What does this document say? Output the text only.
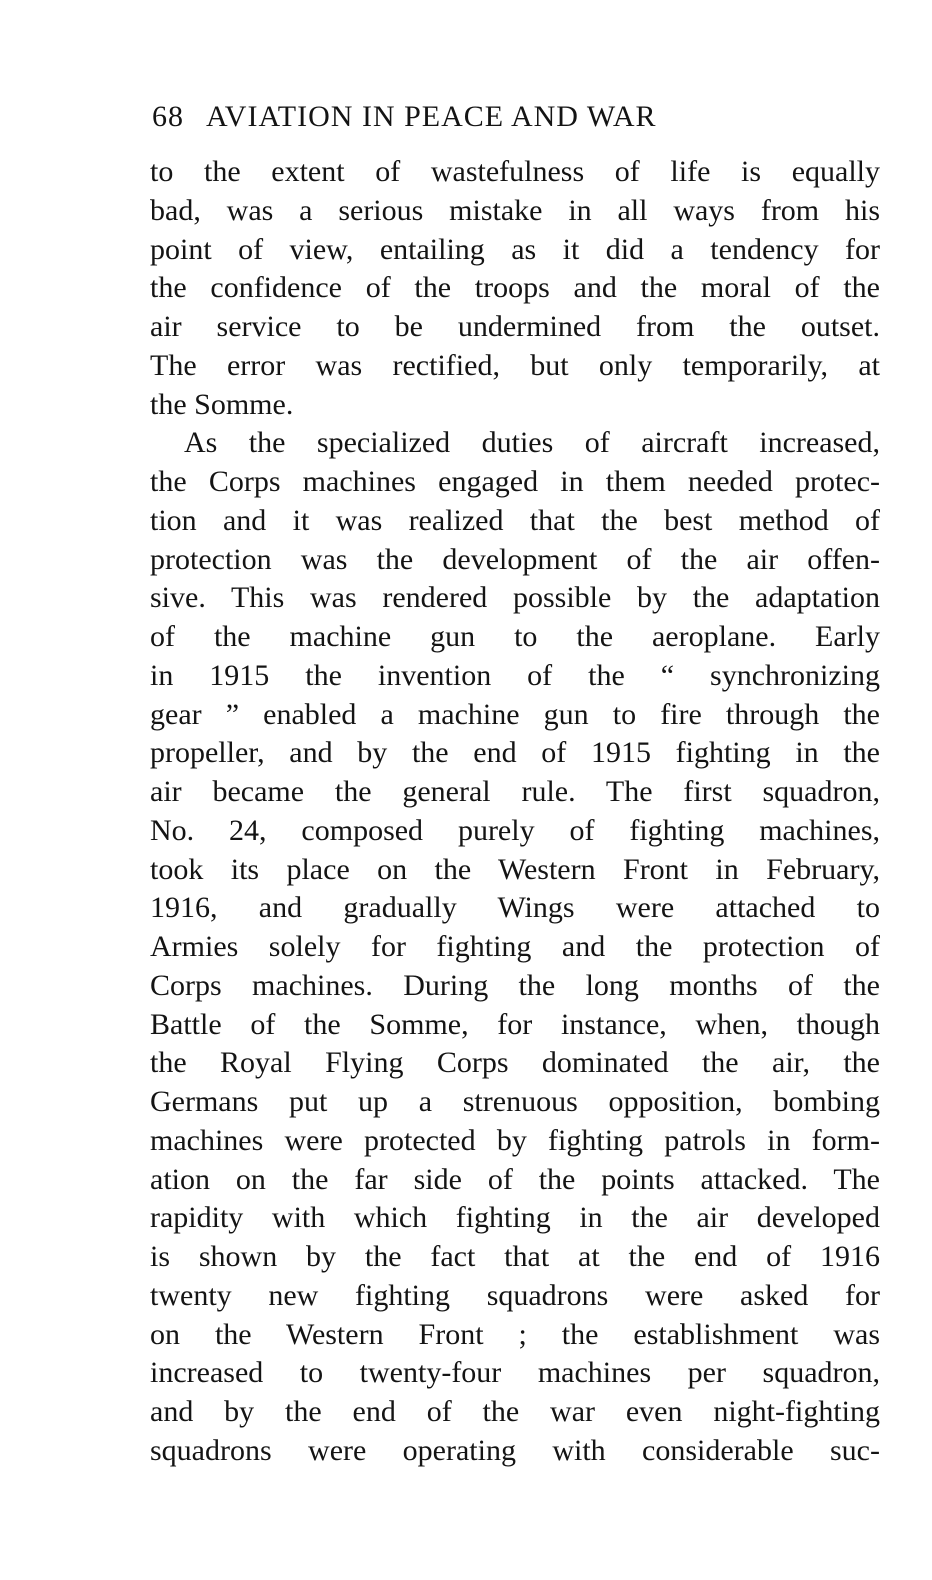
68 AVIATION IN PEACE AND WAR
to the extent of wastefulness of life is equally
bad, was a serious mistake in all ways from his
point of view, entailing as it did a tendency for
the confidence of the troops and the moral of the
air service to be undermined from the outset.
The error was rectified, but only temporarily, at
the Somme.
As the specialized duties of aircraft increased,
the Corps machines engaged in them needed protec-
tion and it was realized that the best method of
protection was the development of the air offen-
sive. This was rendered possible by the adaptation
of the machine gun to the aeroplane. Early
in 1915 the invention of the “ synchronizing
gear ” enabled a machine gun to fire through the
propeller, and by the end of 1915 fighting in the
air became the general rule. The first squadron,
No. 24, composed purely of fighting machines,
took its place on the Western Front in February,
1916, and gradually Wings were attached to
Armies solely for fighting and the protection of
Corps machines. During the long months of the
Battle of the Somme, for instance, when, though
the Royal Flying Corps dominated the air, the
Germans put up a strenuous opposition, bombing
machines were protected by fighting patrols in form-
ation on the far side of the points attacked. The
rapidity with which fighting in the air developed
is shown by the fact that at the end of 1916
twenty new fighting squadrons were asked for
on the Western Front ; the establishment was
increased to twenty-four machines per squadron,
and by the end of the war even night-fighting
squadrons were operating with considerable suc-
